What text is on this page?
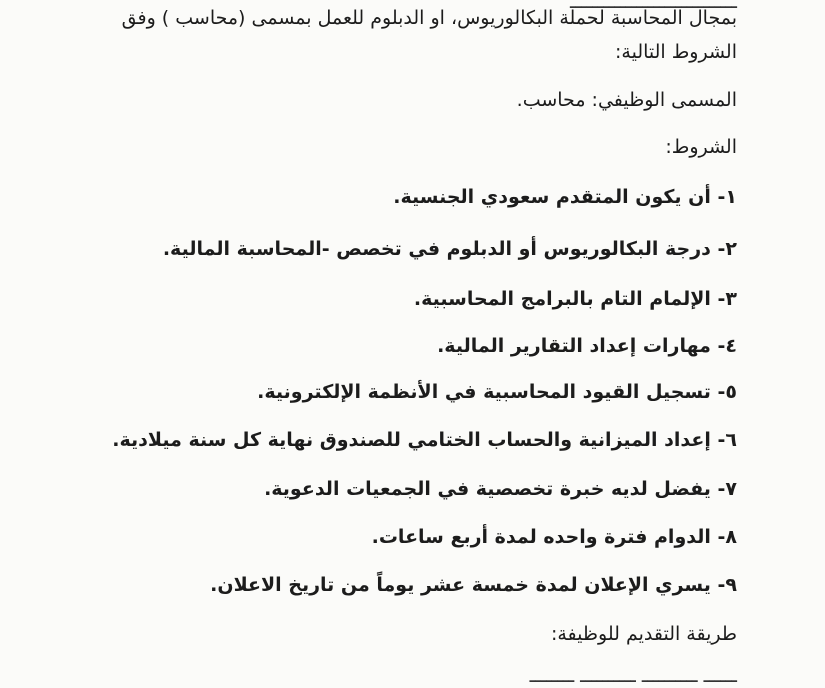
ــــــــــــــــــــــــــــــ

بمجال المحاسبة لحملة البكالوريوس، او الدبلوم للعمل بمسمى (محاسب ) وفق

الشروط التالية:

المسمى الوظيفي: محاسب.

الشروط:

١- أن يكون المتقدم سعودي الجنسية.

٢- درجة البكالوريوس أو الدبلوم في تخصص -المحاسبة المالية.

٣- الإلمام التام بالبرامج المحاسبية.

٤- مهارات إعداد التقارير المالية.

٥- تسجيل القيود المحاسبية في الأنظمة الإلكترونية.

٦- إعداد الميزانية والحساب الختامي للصندوق نهاية كل سنة ميلادية.

٧- يفضل لديه خبرة تخصصية في الجمعيات الدعوية.

٨- الدوام فترة واحده لمدة أربع ساعات.

٩- يسري الإعلان لمدة خمسة عشر يوماً من تاريخ الاعلان.

طريقة التقديم للوظيفة:

ــــــ ــــــــــ ــــــــــ ــــــــ
